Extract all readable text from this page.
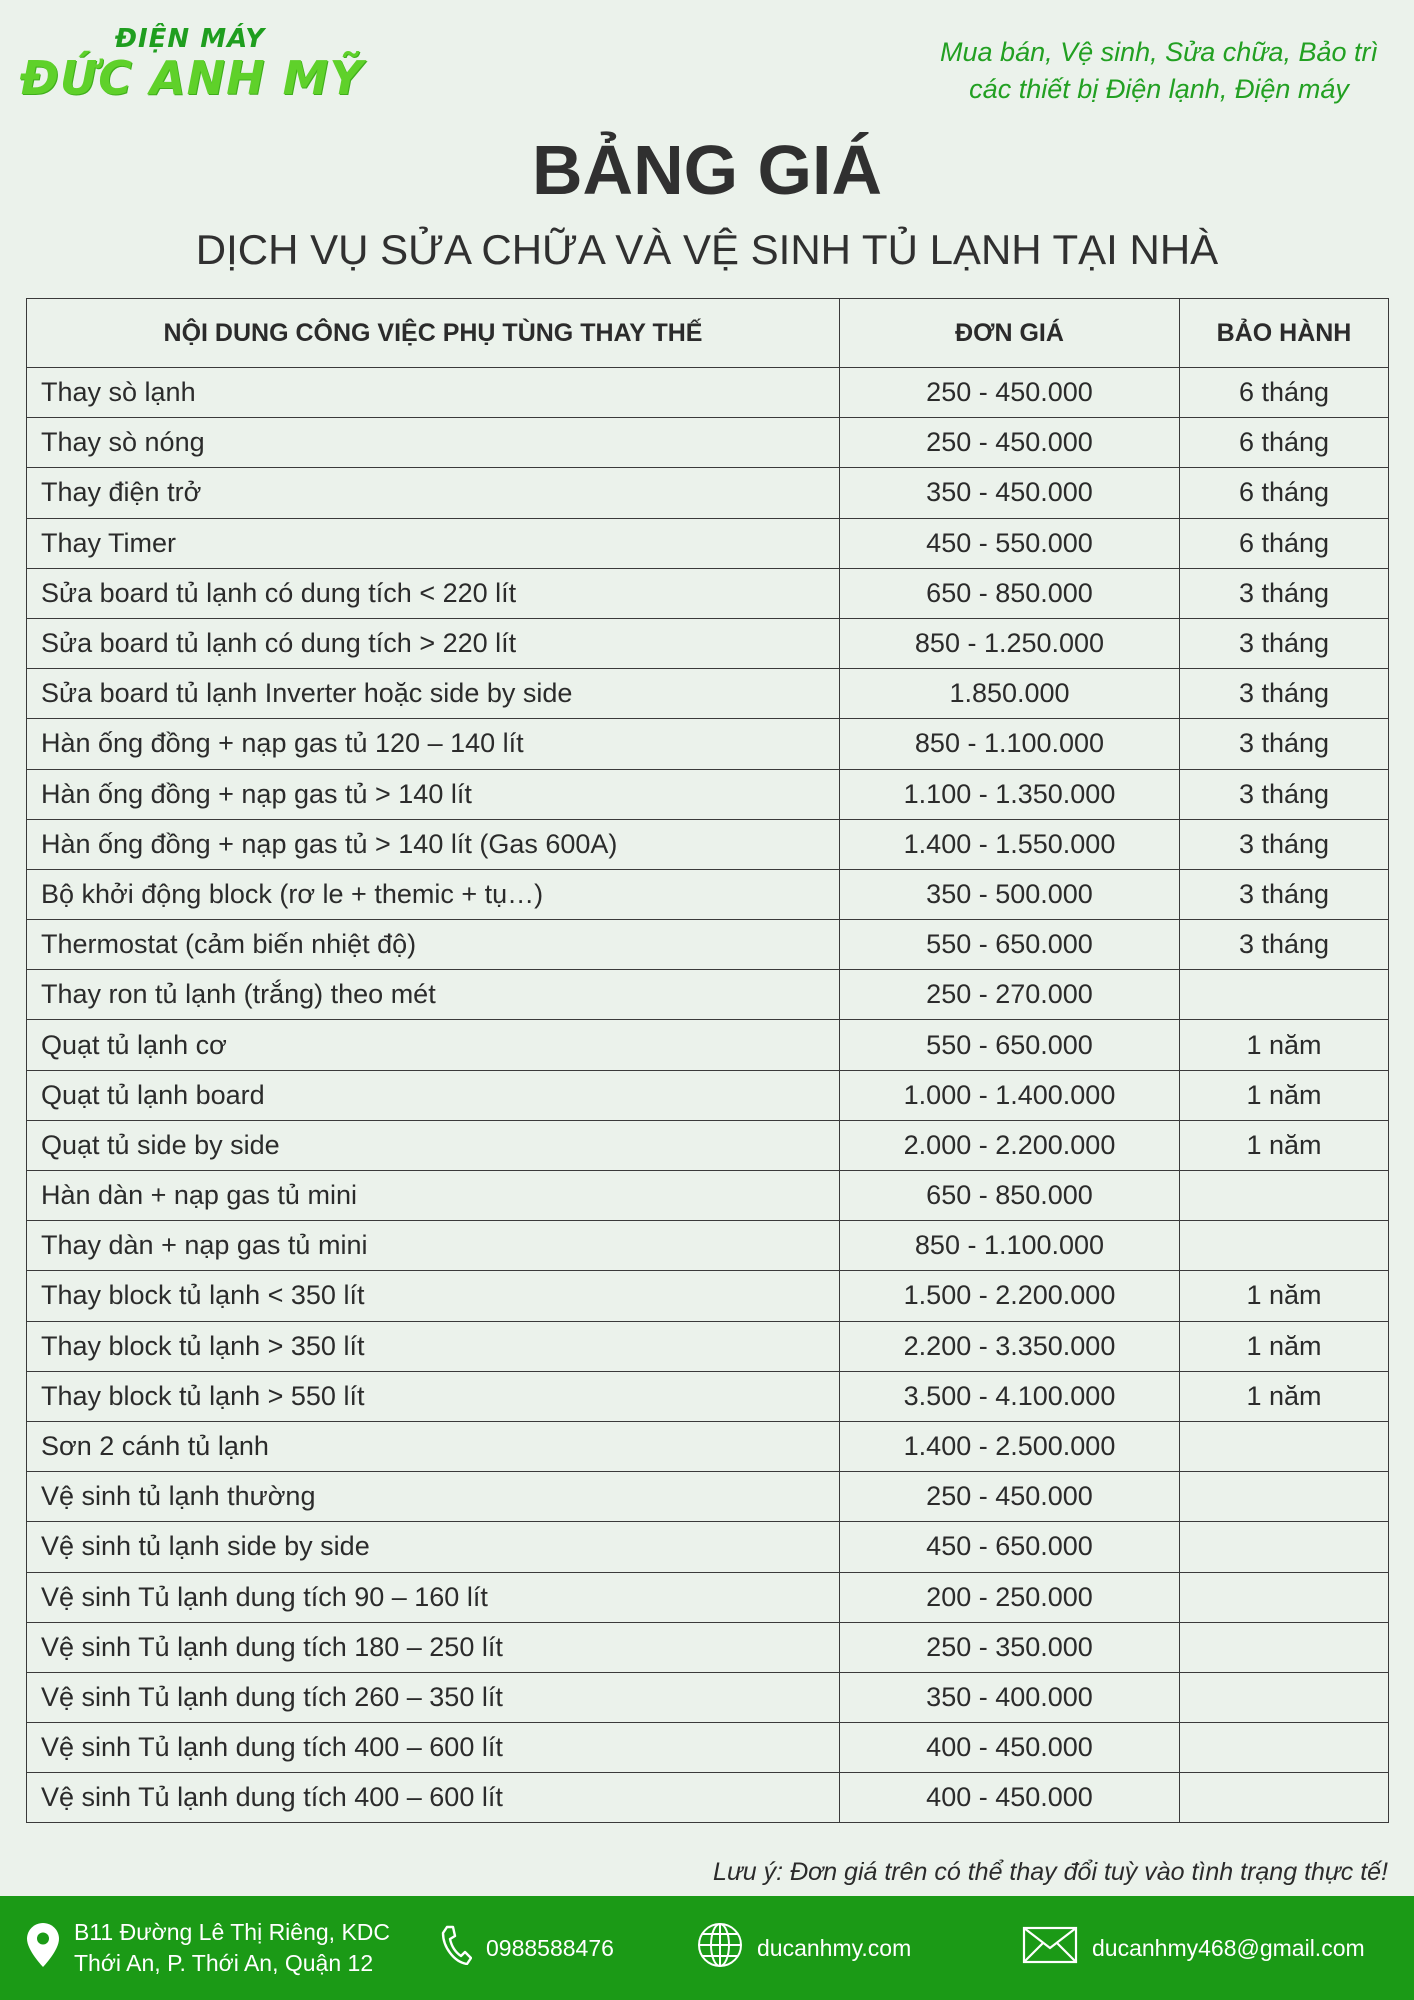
ĐIỆN MÁY
ĐỨC ANH MỸ	Mua bán, Vệ sinh, Sửa chữa, Bảo trì
các thiết bị Điện lạnh, Điện máy
BẢNG GIÁ
DỊCH VỤ SỬA CHỮA VÀ VỆ SINH TỦ LẠNH TẠI NHÀ
NỘI DUNG CÔNG VIỆC PHỤ TÙNG THAY THẾ	ĐƠN GIÁ	BẢO HÀNH
Thay sò lạnh	250 - 450.000	6 tháng
Thay sò nóng	250 - 450.000	6 tháng
Thay điện trở	350 - 450.000	6 tháng
Thay Timer	450 - 550.000	6 tháng
Sửa board tủ lạnh có dung tích < 220 lít	650 - 850.000	3 tháng
Sửa board tủ lạnh có dung tích > 220 lít	850 - 1.250.000	3 tháng
Sửa board tủ lạnh Inverter hoặc side by side	1.850.000	3 tháng
Hàn ống đồng + nạp gas tủ 120 – 140 lít	850 - 1.100.000	3 tháng
Hàn ống đồng + nạp gas tủ > 140 lít	1.100 - 1.350.000	3 tháng
Hàn ống đồng + nạp gas tủ > 140 lít (Gas 600A)	1.400 - 1.550.000	3 tháng
Bộ khởi động block (rơ le + themic + tụ…)	350 - 500.000	3 tháng
Thermostat (cảm biến nhiệt độ)	550 - 650.000	3 tháng
Thay ron tủ lạnh (trắng) theo mét	250 - 270.000	
Quạt tủ lạnh cơ	550 - 650.000	1 năm
Quạt tủ lạnh board	1.000 - 1.400.000	1 năm
Quạt tủ side by side	2.000 - 2.200.000	1 năm
Hàn dàn + nạp gas tủ mini	650 - 850.000	
Thay dàn + nạp gas tủ mini	850 - 1.100.000	
Thay block tủ lạnh < 350 lít	1.500 - 2.200.000	1 năm
Thay block tủ lạnh > 350 lít	2.200 - 3.350.000	1 năm
Thay block tủ lạnh > 550 lít	3.500 - 4.100.000	1 năm
Sơn 2 cánh tủ lạnh	1.400 - 2.500.000	
Vệ sinh tủ lạnh thường	250 - 450.000	
Vệ sinh tủ lạnh side by side	450 - 650.000	
Vệ sinh Tủ lạnh dung tích 90 – 160 lít	200 - 250.000	
Vệ sinh Tủ lạnh dung tích 180 – 250 lít	250 - 350.000	
Vệ sinh Tủ lạnh dung tích 260 – 350 lít	350 - 400.000	
Vệ sinh Tủ lạnh dung tích 400 – 600 lít	400 - 450.000	
Vệ sinh Tủ lạnh dung tích 400 – 600 lít	400 - 450.000	
Lưu ý: Đơn giá trên có thể thay đổi tuỳ vào tình trạng thực tế!
B11 Đường Lê Thị Riêng, KDC
Thới An, P. Thới An, Quận 12
0988588476	ducanhmy.com	ducanhmy468@gmail.com
